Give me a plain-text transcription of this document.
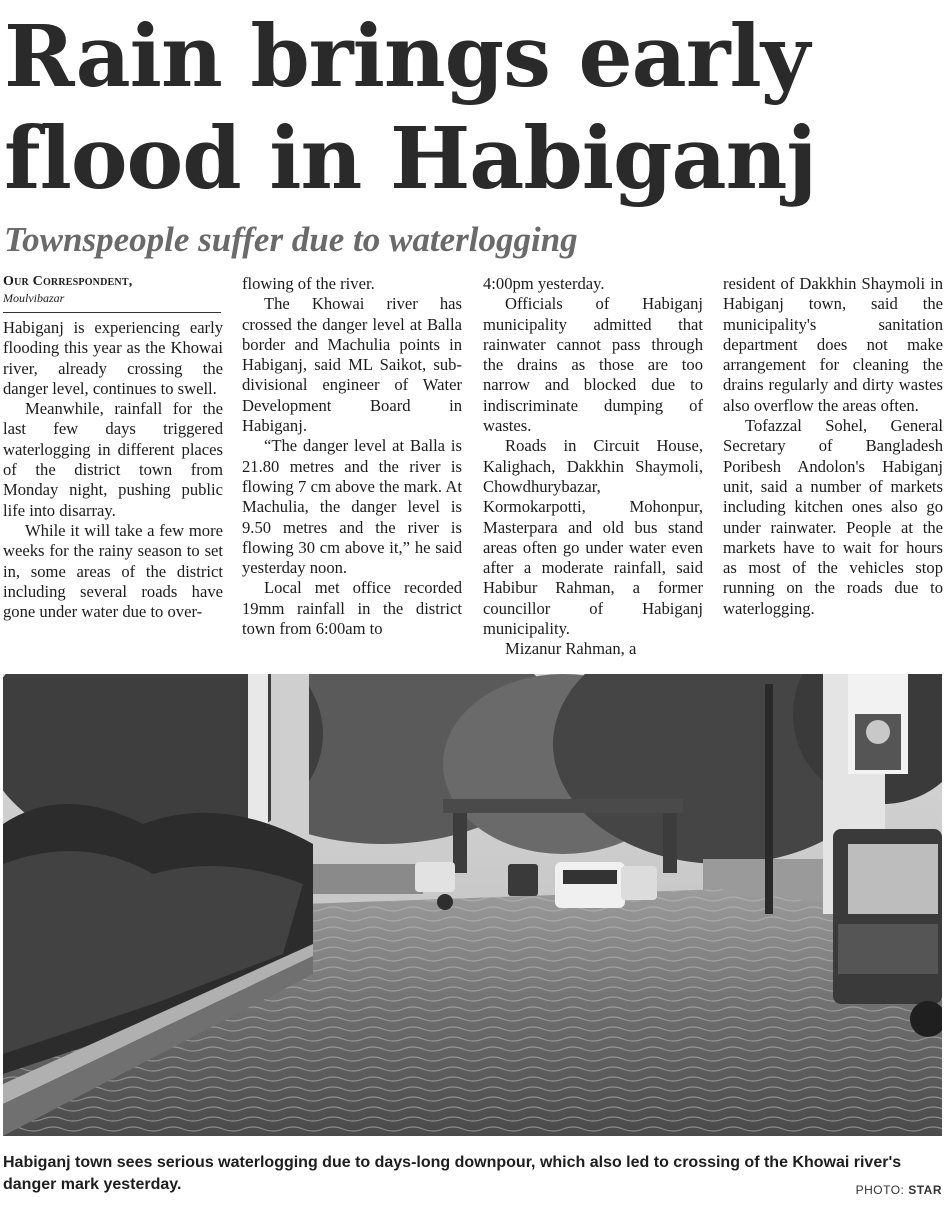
Rain brings early flood in Habiganj
Townspeople suffer due to waterlogging
Our Correspondent,
Moulvibazar

Habiganj is experiencing early flooding this year as the Khowai river, already crossing the danger level, continues to swell.

Meanwhile, rainfall for the last few days triggered waterlogging in different places of the district town from Monday night, pushing public life into disarray.

While it will take a few more weeks for the rainy season to set in, some areas of the district including several roads have gone under water due to over-

flowing of the river.

The Khowai river has crossed the danger level at Balla border and Machulia points in Habiganj, said ML Saikot, sub-divisional engineer of Water Development Board in Habiganj.

“The danger level at Balla is 21.80 metres and the river is flowing 7 cm above the mark. At Machulia, the danger level is 9.50 metres and the river is flowing 30 cm above it,” he said yesterday noon.

Local met office recorded 19mm rainfall in the district town from 6:00am to

4:00pm yesterday.

Officials of Habiganj municipality admitted that rainwater cannot pass through the drains as those are too narrow and blocked due to indiscriminate dumping of wastes.

Roads in Circuit House, Kalighach, Dakkhin Shaymoli, Chowdhurybazar, Kormokarpotti, Mohonpur, Masterpara and old bus stand areas often go under water even after a moderate rainfall, said Habibur Rahman, a former councillor of Habiganj municipality.

Mizanur Rahman, a

resident of Dakkhin Shaymoli in Habiganj town, said the municipality's sanitation department does not make arrangement for cleaning the drains regularly and dirty wastes also overflow the areas often.

Tofazzal Sohel, General Secretary of Bangladesh Poribesh Andolon's Habiganj unit, said a number of markets including kitchen ones also go under rainwater. People at the markets have to wait for hours as most of the vehicles stop running on the roads due to waterlogging.

Habiganj town sees serious waterlogging due to days-long downpour, which also led to crossing of the Khowai river's danger mark yesterday.	PHOTO: STAR
